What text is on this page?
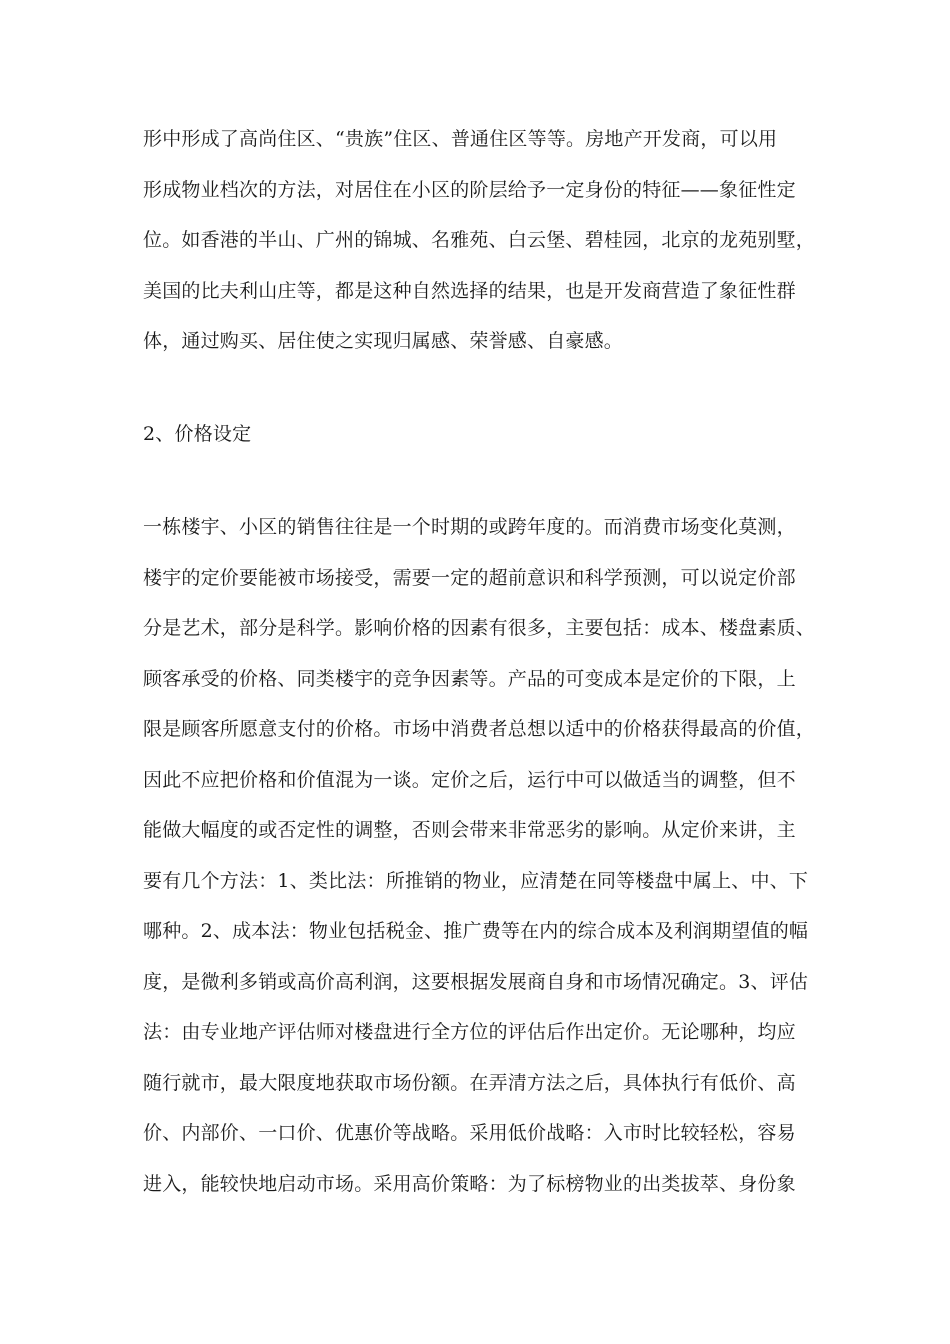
形中形成了高尚住区、“贵族”住区、普通住区等等。房地产开发商，可以用
形成物业档次的方法，对居住在小区的阶层给予一定身份的特征——象征性定
位。如香港的半山、广州的锦城、名雅苑、白云堡、碧桂园，北京的龙苑别墅，
美国的比夫利山庄等，都是这种自然选择的结果，也是开发商营造了象征性群
体，通过购买、居住使之实现归属感、荣誉感、自豪感。
2、价格设定
一栋楼宇、小区的销售往往是一个时期的或跨年度的。而消费市场变化莫测，
楼宇的定价要能被市场接受，需要一定的超前意识和科学预测，可以说定价部
分是艺术，部分是科学。影响价格的因素有很多，主要包括：成本、楼盘素质、
顾客承受的价格、同类楼宇的竞争因素等。产品的可变成本是定价的下限，上
限是顾客所愿意支付的价格。市场中消费者总想以适中的价格获得最高的价值，
因此不应把价格和价值混为一谈。定价之后，运行中可以做适当的调整，但不
能做大幅度的或否定性的调整，否则会带来非常恶劣的影响。从定价来讲，主
要有几个方法：1、类比法：所推销的物业，应清楚在同等楼盘中属上、中、下
哪种。2、成本法：物业包括税金、推广费等在内的综合成本及利润期望值的幅
度，是微利多销或高价高利润，这要根据发展商自身和市场情况确定。3、评估
法：由专业地产评估师对楼盘进行全方位的评估后作出定价。无论哪种，均应
随行就市，最大限度地获取市场份额。在弄清方法之后，具体执行有低价、高
价、内部价、一口价、优惠价等战略。采用低价战略：入市时比较轻松，容易
进入，能较快地启动市场。采用高价策略：为了标榜物业的出类拔萃、身份象
